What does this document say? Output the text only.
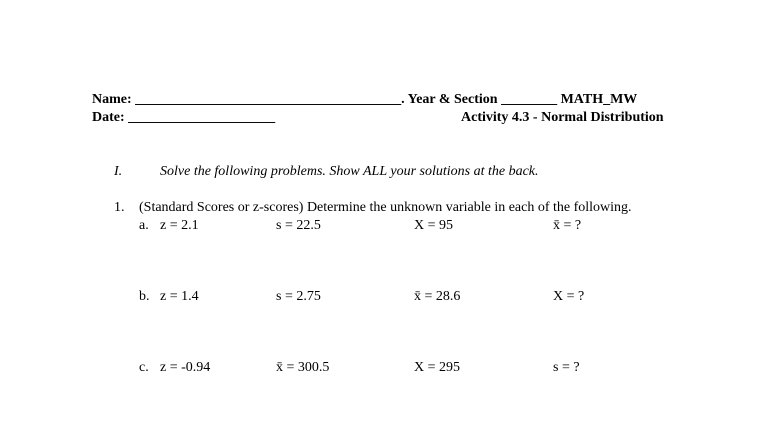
Name: ______________________________________. Year & Section ________ MATH_MW
Date: _____________________	Activity 4.3 - Normal Distribution
I.	Solve the following problems. Show ALL your solutions at the back.
1. (Standard Scores or z-scores) Determine the unknown variable in each of the following.
a. z = 2.1	s = 22.5	X = 95	x̄ = ?
b. z = 1.4	s = 2.75	x̄ = 28.6	X = ?
c. z = -0.94	x̄ = 300.5	X = 295	s = ?
